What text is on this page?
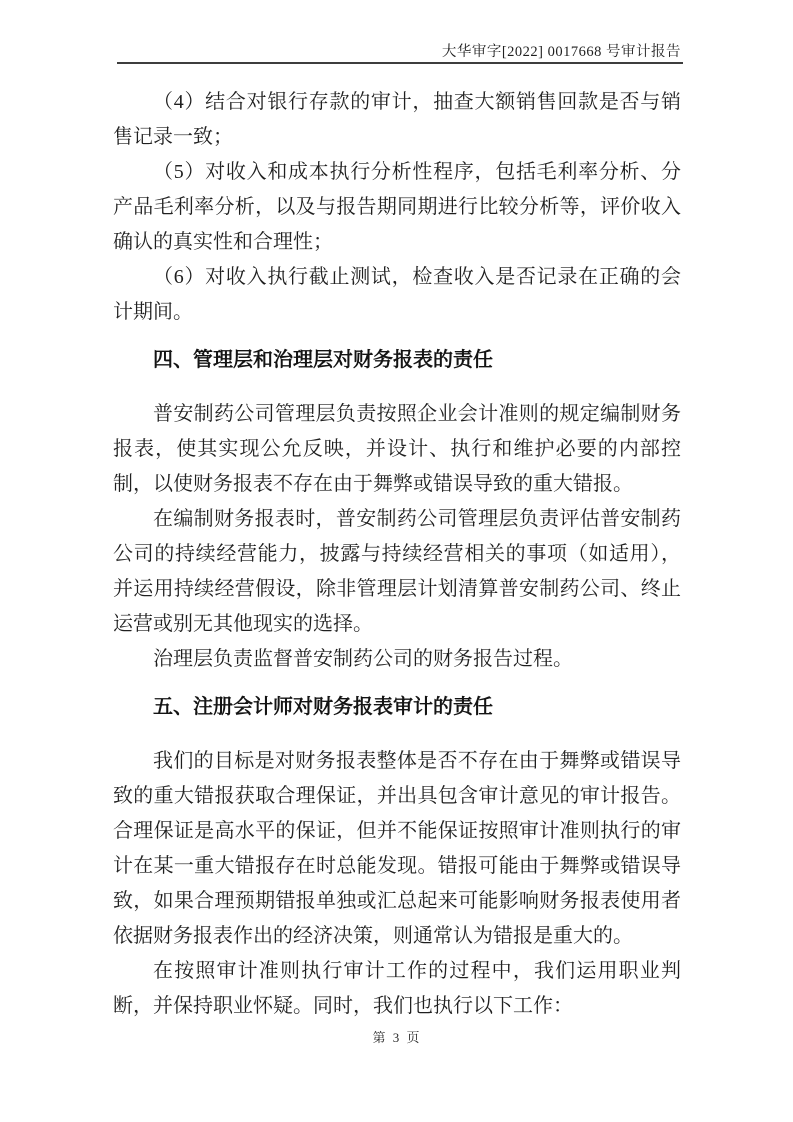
大华审字[2022] 0017668 号审计报告

（4）结合对银行存款的审计，抽查大额销售回款是否与销售记录一致；

（5）对收入和成本执行分析性程序，包括毛利率分析、分产品毛利率分析，以及与报告期同期进行比较分析等，评价收入确认的真实性和合理性；

（6）对收入执行截止测试，检查收入是否记录在正确的会计期间。

四、管理层和治理层对财务报表的责任

普安制药公司管理层负责按照企业会计准则的规定编制财务报表，使其实现公允反映，并设计、执行和维护必要的内部控制，以使财务报表不存在由于舞弊或错误导致的重大错报。

在编制财务报表时，普安制药公司管理层负责评估普安制药公司的持续经营能力，披露与持续经营相关的事项（如适用），并运用持续经营假设，除非管理层计划清算普安制药公司、终止运营或别无其他现实的选择。

治理层负责监督普安制药公司的财务报告过程。

五、注册会计师对财务报表审计的责任

我们的目标是对财务报表整体是否不存在由于舞弊或错误导致的重大错报获取合理保证，并出具包含审计意见的审计报告。合理保证是高水平的保证，但并不能保证按照审计准则执行的审计在某一重大错报存在时总能发现。错报可能由于舞弊或错误导致，如果合理预期错报单独或汇总起来可能影响财务报表使用者依据财务报表作出的经济决策，则通常认为错报是重大的。

在按照审计准则执行审计工作的过程中，我们运用职业判断，并保持职业怀疑。同时，我们也执行以下工作：

第 3 页
